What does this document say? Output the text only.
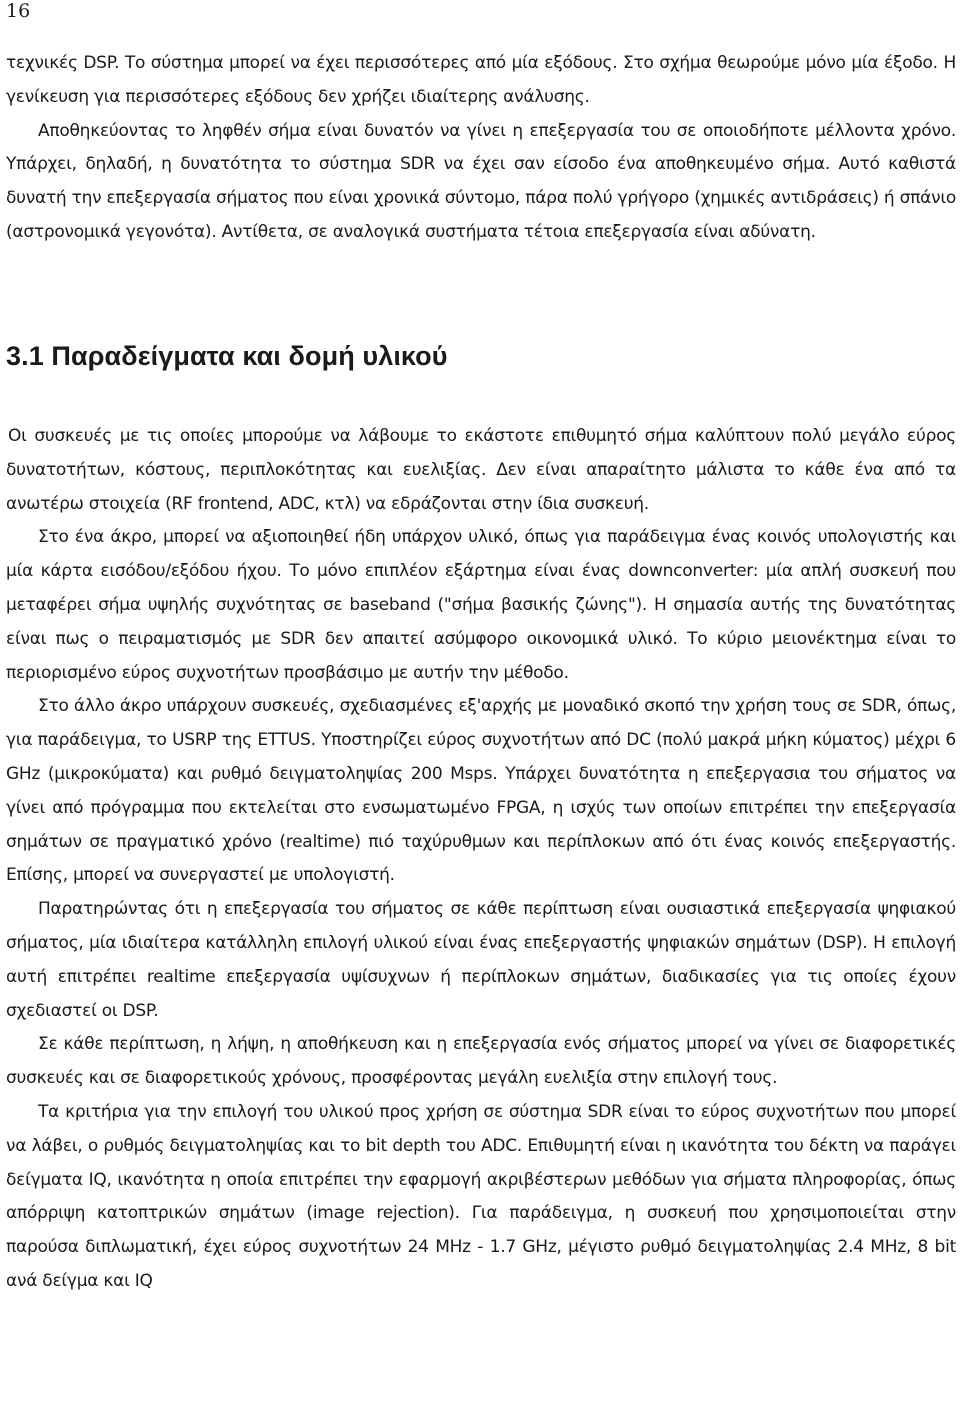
16

τεχνικές DSP. Το σύστημα μπορεί να έχει περισσότερες από μία εξόδους. Στο σχήμα θεωρούμε μόνο μία έξοδο. Η γενίκευση για περισσότερες εξόδους δεν χρήζει ιδιαίτερης ανάλυσης.

Αποθηκεύοντας το ληφθέν σήμα είναι δυνατόν να γίνει η επεξεργασία του σε οποιοδήποτε μέλλοντα χρόνο. Υπάρχει, δηλαδή, η δυνατότητα το σύστημα SDR να έχει σαν είσοδο ένα αποθηκευμένο σήμα. Αυτό καθιστά δυνατή την επεξεργασία σήματος που είναι χρονικά σύντομο, πάρα πολύ γρήγορο (χημικές αντιδράσεις) ή σπάνιο (αστρονομικά γεγονότα). Αντίθετα, σε αναλογικά συστήματα τέτοια επεξεργασία είναι αδύνατη.

3.1 Παραδείγματα και δομή υλικού

Οι συσκευές με τις οποίες μπορούμε να λάβουμε το εκάστοτε επιθυμητό σήμα καλύπτουν πολύ μεγάλο εύρος δυνατοτήτων, κόστους, περιπλοκότητας και ευελιξίας. Δεν είναι απαραίτητο μάλιστα το κάθε ένα από τα ανωτέρω στοιχεία (RF frontend, ADC, κτλ) να εδράζονται στην ίδια συσκευή.

Στο ένα άκρο, μπορεί να αξιοποιηθεί ήδη υπάρχον υλικό, όπως για παράδειγμα ένας κοινός υπολογιστής και μία κάρτα εισόδου/εξόδου ήχου. Το μόνο επιπλέον εξάρτημα είναι ένας downconverter: μία απλή συσκευή που μεταφέρει σήμα υψηλής συχνότητας σε baseband ("σήμα βασικής ζώνης"). Η σημασία αυτής της δυνατότητας είναι πως ο πειραματισμός με SDR δεν απαιτεί ασύμφορο οικονομικά υλικό. Το κύριο μειονέκτημα είναι το περιορισμένο εύρος συχνοτήτων προσβάσιμο με αυτήν την μέθοδο.

Στο άλλο άκρο υπάρχουν συσκευές, σχεδιασμένες εξ'αρχής με μοναδικό σκοπό την χρήση τους σε SDR, όπως, για παράδειγμα, το USRP της ETTUS. Υποστηρίζει εύρος συχνοτήτων από DC (πολύ μακρά μήκη κύματος) μέχρι 6 GHz (μικροκύματα) και ρυθμό δειγματοληψίας 200 Msps. Υπάρχει δυνατότητα η επεξεργασια του σήματος να γίνει από πρόγραμμα που εκτελείται στο ενσωματωμένο FPGA, η ισχύς των οποίων επιτρέπει την επεξεργασία σημάτων σε πραγματικό χρόνο (realtime) πιό ταχύρυθμων και περίπλοκων από ότι ένας κοινός επεξεργαστής. Επίσης, μπορεί να συνεργαστεί με υπολογιστή.

Παρατηρώντας ότι η επεξεργασία του σήματος σε κάθε περίπτωση είναι ουσιαστικά επεξεργασία ψηφιακού σήματος, μία ιδιαίτερα κατάλληλη επιλογή υλικού είναι ένας επεξεργαστής ψηφιακών σημάτων (DSP). Η επιλογή αυτή επιτρέπει realtime επεξεργασία υψίσυχνων ή περίπλοκων σημάτων, διαδικασίες για τις οποίες έχουν σχεδιαστεί οι DSP.

Σε κάθε περίπτωση, η λήψη, η αποθήκευση και η επεξεργασία ενός σήματος μπορεί να γίνει σε διαφορετικές συσκευές και σε διαφορετικούς χρόνους, προσφέροντας μεγάλη ευελιξία στην επιλογή τους.

Τα κριτήρια για την επιλογή του υλικού προς χρήση σε σύστημα SDR είναι το εύρος συχνοτήτων που μπορεί να λάβει, ο ρυθμός δειγματοληψίας και το bit depth του ADC. Επιθυμητή είναι η ικανότητα του δέκτη να παράγει δείγματα IQ, ικανότητα η οποία επιτρέπει την εφαρμογή ακριβέστερων μεθόδων για σήματα πληροφορίας, όπως απόρριψη κατοπτρικών σημάτων (image rejection). Για παράδειγμα, η συσκευή που χρησιμοποιείται στην παρούσα διπλωματική, έχει εύρος συχνοτήτων 24 MHz - 1.7 GHz, μέγιστο ρυθμό δειγματοληψίας 2.4 MHz, 8 bit ανά δείγμα και IQ
